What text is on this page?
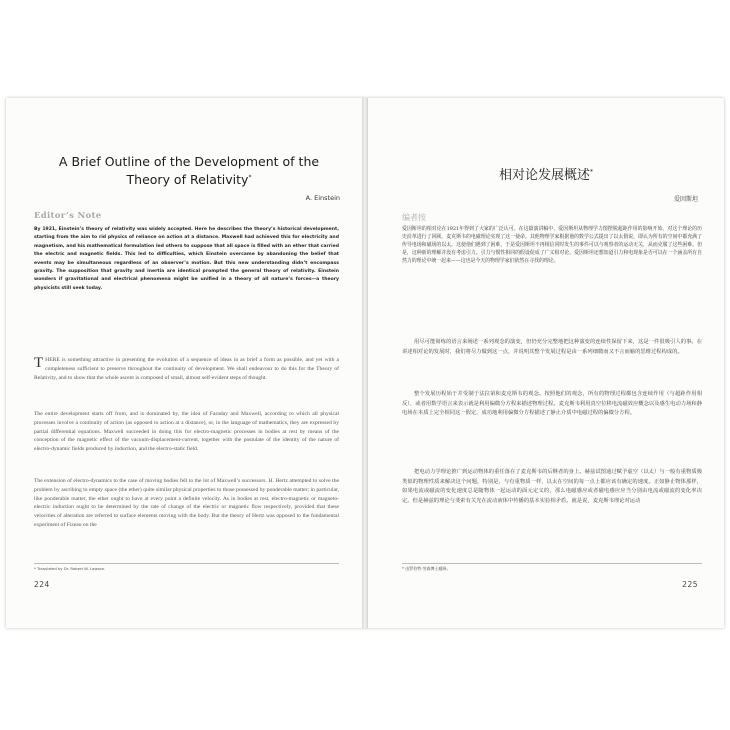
A Brief Outline of the Development of the Theory of Relativity*
A. Einstein
Editor’s Note

By 1921, Einstein’s theory of relativity was widely accepted. Here he describes the theory’s historical development, starting from the aim to rid physics of reliance on action at a distance. Maxwell had achieved this for electricity and magnetism, and his mathematical formulation led others to suppose that all space is filled with an ether that carried the electric and magnetic fields. This led to difficulties, which Einstein overcame by abandoning the belief that events may be simultaneous regardless of an observer’s motion. But this new understanding didn’t encompass gravity. The supposition that gravity and inertia are identical prompted the general theory of relativity. Einstein wonders if gravitational and electrical phenomena might be unified in a theory of all nature’s forces—a theory physicists still seek today.

THERE is something attractive in presenting the evolution of a sequence of ideas in as brief a form as possible, and yet with a completeness sufficient to preserve throughout the continuity of development. We shall endeavour to do this for the Theory of Relativity, and to show that the whole ascent is composed of small, almost self-evident steps of thought.

The entire development starts off from, and is dominated by, the idea of Faraday and Maxwell, according to which all physical processes involve a continuity of action (as opposed to action at a distance), or, in the language of mathematics, they are expressed by partial differential equations. Maxwell succeeded in doing this for electro-magnetic processes in bodies at rest by means of the conception of the magnetic effect of the vacuum-displacement-current, together with the postulate of the identity of the nature of electro-dynamic fields produced by induction, and the electro-static field.

The extension of electro-dynamics to the case of moving bodies fell to the lot of Maxwell’s successors. H. Hertz attempted to solve the problem by ascribing to empty space (the ether) quite similar physical properties to those possessed by ponderable matter; in particular, like ponderable matter, the ether ought to have at every point a definite velocity. As in bodies at rest, electro-magnetic or magneto-electric induction ought to be determined by the rate of change of the electric or magnetic flow respectively, provided that these velocities of alteration are referred to surface elements moving with the body. But the theory of Hertz was opposed to the fundamental experiment of Fizeau on the

* Translated by Dr. Robert W. Lawson.
224
相对论发展概述*
爱因斯坦
编者按

爱因斯坦的相对论在1921年得到了大家的广泛认可。在这篇演讲稿中，爱因斯坦从物理学力图摆脱超距作用的影响开始，对这个理论的历史沿革进行了回顾。麦克斯韦的电磁理论实现了这一使命。其他物理学家根据他的数学公式提出了以太假说，即认为所有的空间中都充满了传导电场和磁场的以太。这使他们遇到了困难，于是爱因斯坦不再相信同时发生的事件可以与观察者的运动无关，从而克服了这些困难。但是，这种新的理解并没有考虑引力。引力与惯性相同的假设促成了广义相对论。爱因斯坦还想知道引力和电现象是否可以在一个涵盖所有自然力的理论中统一起来——这也是今天的物理学家们依然在寻找的理论。

用尽可能简练的语言来阐述一系列观念的演变，但仍充分完整地把这种演变的连续性保留下来，这是一件很吸引人的事。在讲述相对论的发展时，我们将尽力做到这一点，并说明其整个发展过程是由一系列细微而又不言而喻的思维过程构成的。

整个发展历程始于并受制于法拉第和麦克斯韦的观念。按照他们的观念，所有的物理过程都包含连续作用（与超距作用相反），或者用数学语言来表示就是利用偏微分方程来描述物理过程。麦克斯韦利用真空位移电流磁效应概念以及感生电动力场和静电场在本质上完全相同这一假定，成功地利用偏微分方程描述了静止介质中电磁过程的偏微分方程。

把电动力学理论推广到运动物体的重任落在了麦克斯韦的后继者的身上。赫兹试图通过赋予虚空（以太）与一般有重物质极类似的物理性质来解决这个问题，特别是，与有重物质一样，以太在空间的每一点上都应该有确定的速度。正如静止物体那样，如果电流或磁流的变化速度总是随物体一起运动的面元定义的，那么电磁感应或者磁电感应应当分别由电流或磁流的变化率决定。但是赫兹的理论与斐索有关光在流动液体中传播的基本实验相矛盾。就是说，麦克斯韦理论对运动

* 由罗伯特·劳森博士翻译。
225
